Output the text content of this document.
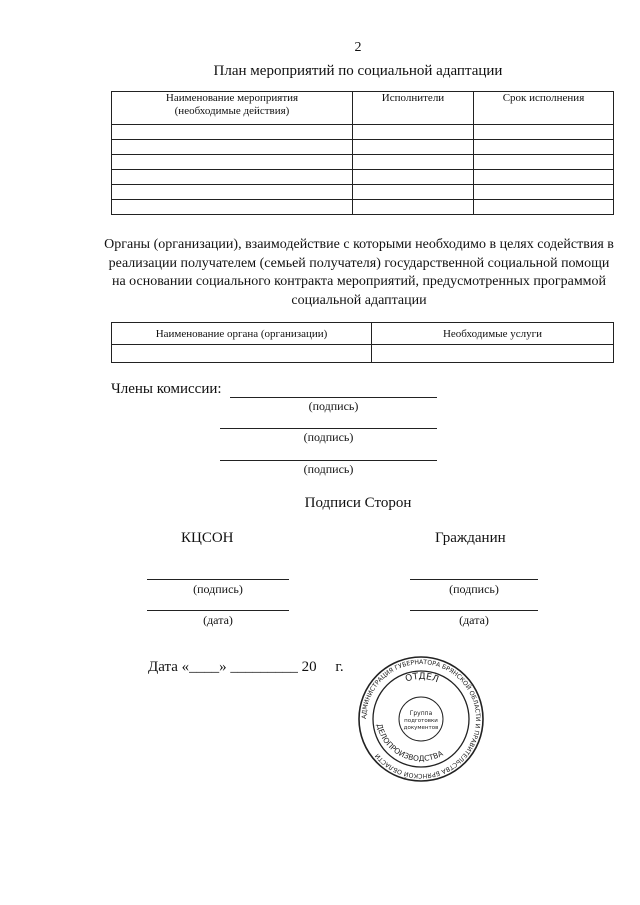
2
План мероприятий по социальной адаптации
Наименование мероприятия
(необходимые действия)	Исполнители	Срок исполнения

Органы (организации), взаимодействие с которыми необходимо в целях содействия в реализации получателем (семьей получателя) государственной социальной помощи на основании социального контракта мероприятий, предусмотренных программой социальной адаптации
Наименование органа (организации)	Необходимые услуги

Члены комиссии:
(подпись)
(подпись)
(подпись)
Подписи Сторон
КЦСОН	Гражданин
(подпись)
(дата)
(подпись)
(дата)
Дата «____» _________ 20 г.
АДМИНИСТРАЦИЯ ГУБЕРНАТОРА БРЯНСКОЙ ОБЛАСТИ И ПРАВИТЕЛЬСТВА БРЯНСКОЙ ОБЛАСТИ
ОТДЕЛ
ДЕЛОПРОИЗВОДСТВА
Группа
подготовки
документов
